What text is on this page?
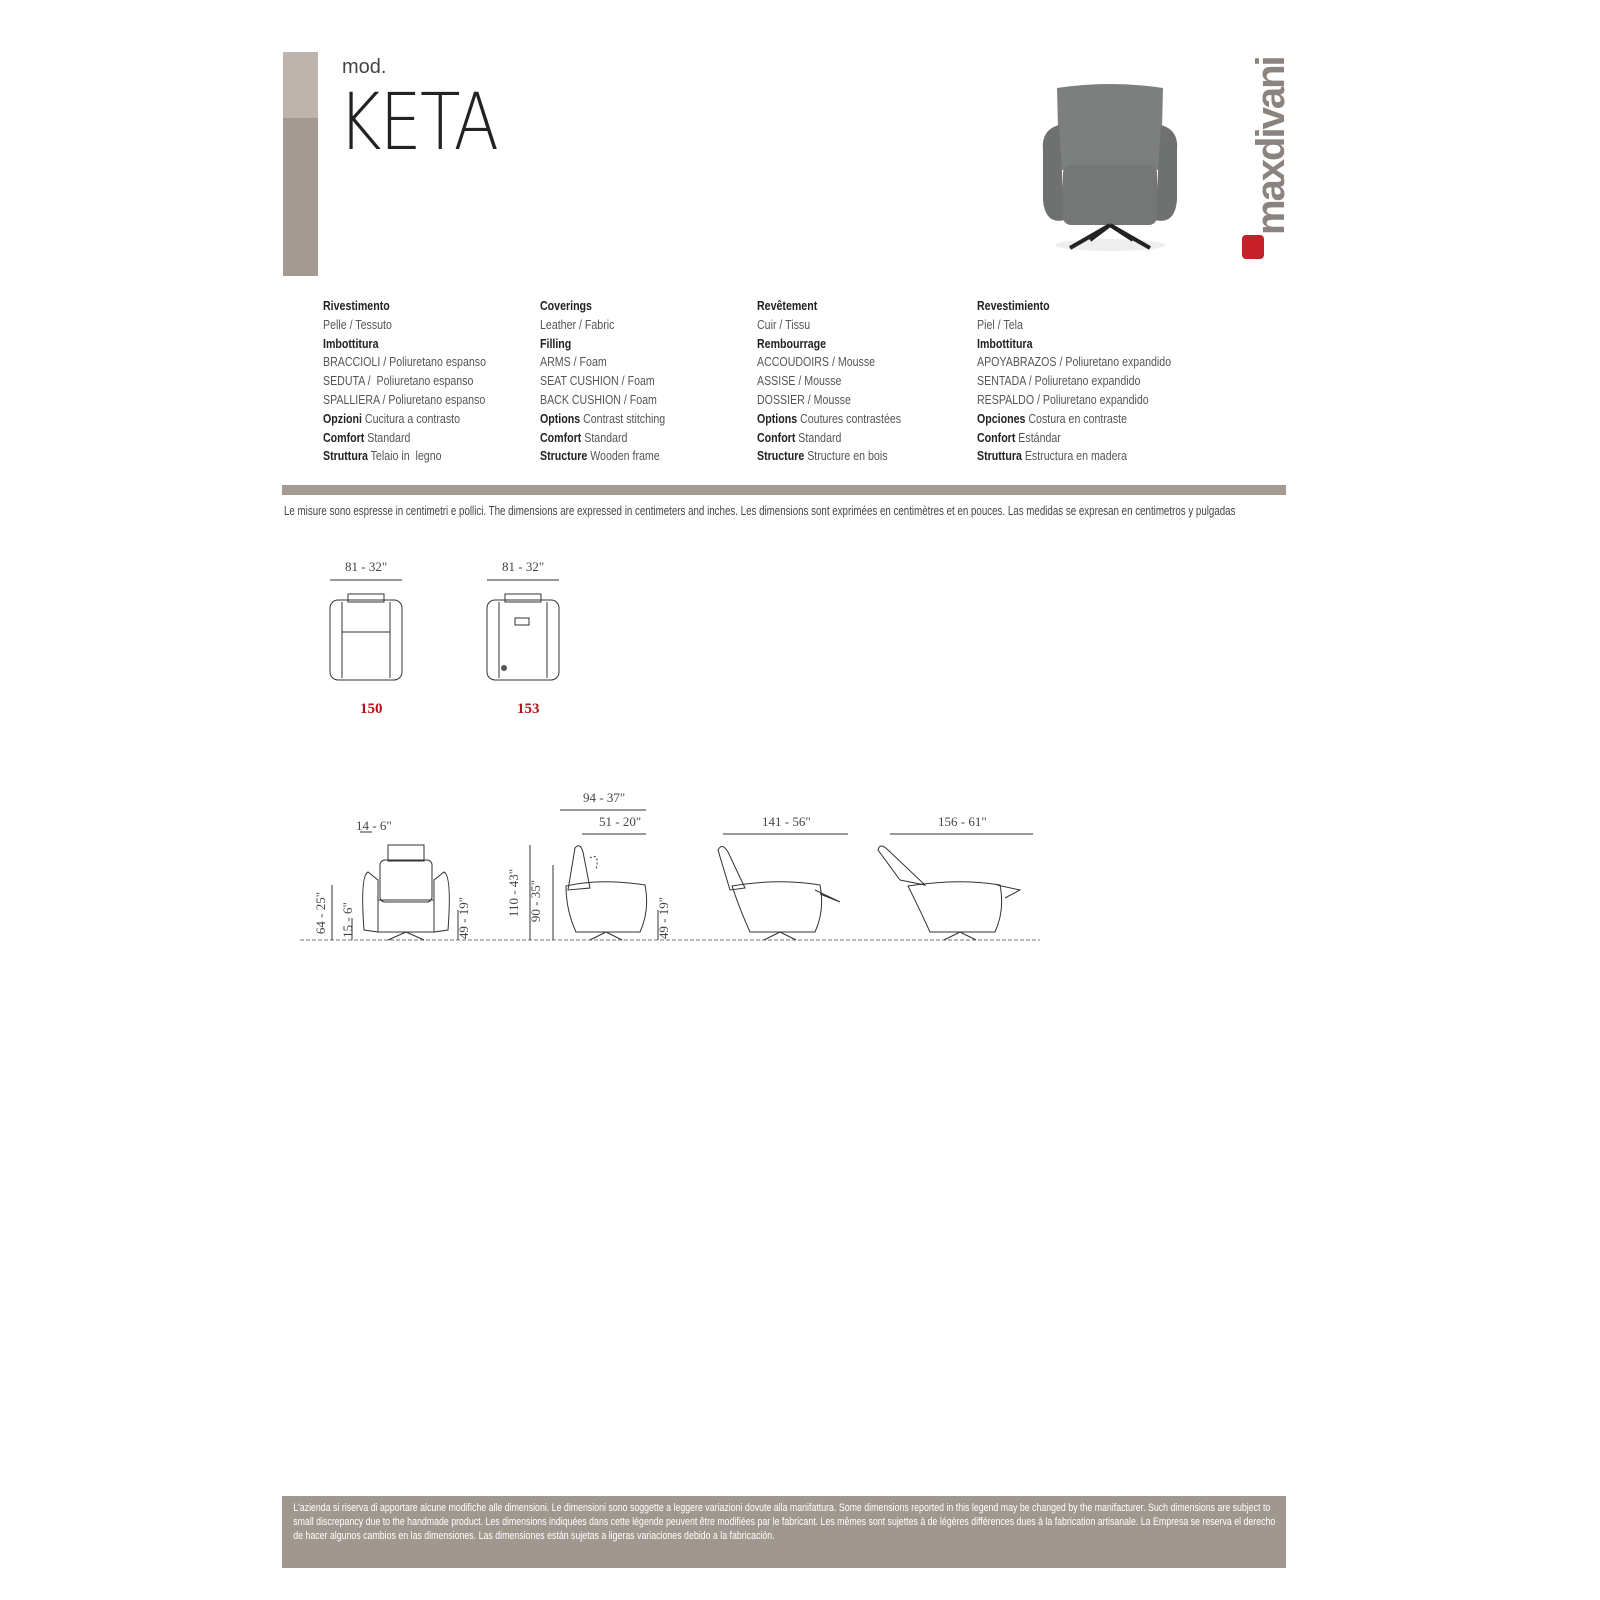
mod.
KETA	maxdivani
Rivestimento
Pelle / Tessuto
Imbottitura
BRACCIOLI / Poliuretano espanso
SEDUTA /  Poliuretano espanso
SPALLIERA / Poliuretano espanso
Opzioni Cucitura a contrasto
Comfort Standard
Struttura Telaio in  legno
Coverings
Leather / Fabric
Filling
ARMS / Foam
SEAT CUSHION / Foam
BACK CUSHION / Foam
Options Contrast stitching
Comfort Standard
Structure Wooden frame
Revêtement
Cuir / Tissu
Rembourrage
ACCOUDOIRS / Mousse
ASSISE / Mousse
DOSSIER / Mousse
Options Coutures contrastées
Confort Standard
Structure Structure en bois
Revestimiento
Piel / Tela
Imbottitura
APOYABRAZOS / Poliuretano expandido
SENTADA / Poliuretano expandido
RESPALDO / Poliuretano expandido
Opciones Costura en contraste
Confort Estándar
Struttura Estructura en madera
Le misure sono espresse in centimetri e pollici. The dimensions are expressed in centimeters and inches. Les dimensions sont exprimées en centimètres et en pouces. Las medidas se expresan en centimetros y pulgadas
81 - 32"	81 - 32"
150	153
14 - 6"
94 - 37"
51 - 20"	141 - 56"	156 - 61"
64 - 25" 15 - 6"	49 - 19"
110 - 43" 90 - 35"	49 - 19"

L'azienda si riserva di apportare alcune modifiche alle dimensioni. Le dimensioni sono soggette a leggere variazioni dovute alla manifattura. Some dimensions reported in this legend may be changed by the manifacturer. Such dimensions are subject to small discrepancy due to the handmade product. Les dimensions indiquées dans cette légende peuvent être modifiées par le fabricant. Les mêmes sont sujettes à de légères différences dues à la fabrication artisanale. La Empresa se reserva el derecho de hacer algunos cambios en las dimensiones. Las dimensiones están sujetas a ligeras variaciones debido a la fabricación.
